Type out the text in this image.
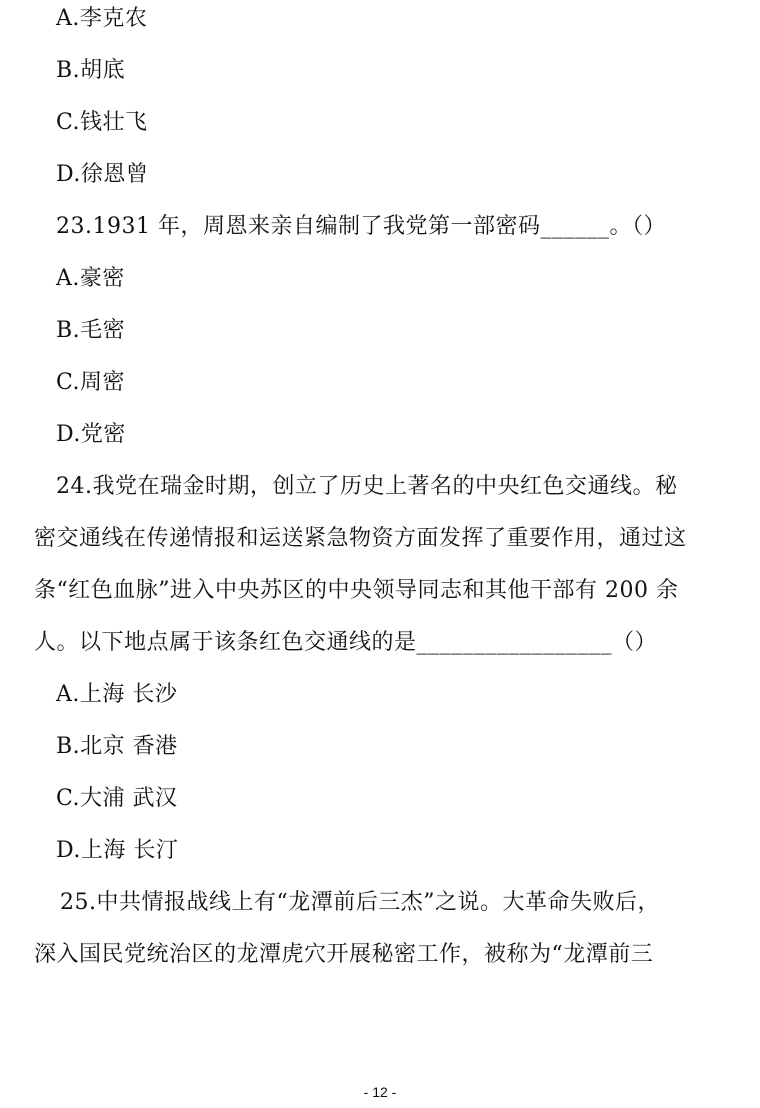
A.李克农
B.胡底
C.钱壮飞
D.徐恩曾
23.1931 年，周恩来亲自编制了我党第一部密码______。（）
A.豪密
B.毛密
C.周密
D.党密
24.我党在瑞金时期，创立了历史上著名的中央红色交通线。秘
密交通线在传递情报和运送紧急物资方面发挥了重要作用，通过这
条“红色血脉”进入中央苏区的中央领导同志和其他干部有 200 余
人。以下地点属于该条红色交通线的是_________________（）
A.上海 长沙
B.北京 香港
C.大浦 武汉
D.上海 长汀
25.中共情报战线上有“龙潭前后三杰”之说。大革命失败后，
深入国民党统治区的龙潭虎穴开展秘密工作，被称为“龙潭前三
- 12 -
